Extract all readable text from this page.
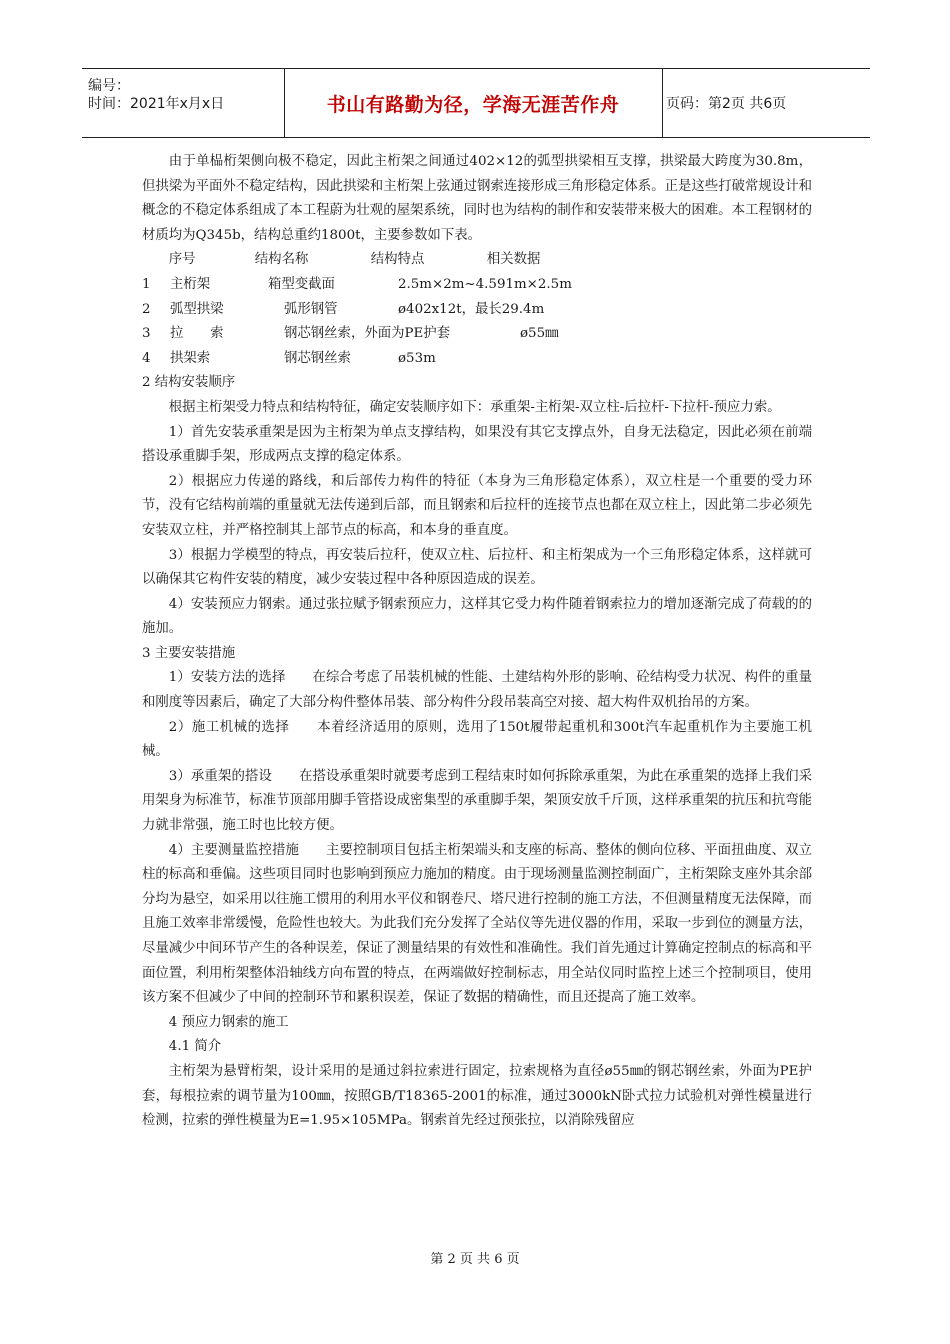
编号：
时间：2021年x月x日	书山有路勤为径，学海无涯苦作舟	页码：第2页 共6页

由于单榀桁架侧向极不稳定，因此主桁架之间通过402×12的弧型拱梁相互支撑，拱梁最大跨度为30.8m，但拱梁为平面外不稳定结构，因此拱梁和主桁架上弦通过钢索连接形成三角形稳定体系。正是这些打破常规设计和概念的不稳定体系组成了本工程蔚为壮观的屋架系统，同时也为结构的制作和安装带来极大的困难。本工程钢材的材质均为Q345b，结构总重约1800t，主要参数如下表。

序号	结构名称	结构特点	相关数据
1	主桁架	箱型变截面	2.5m×2m~4.591m×2.5m
2	弧型拱梁	弧形钢管	ø402x12t，最长29.4m
3	拉　　索	钢芯钢丝索，外面为PE护套	ø55㎜
4	拱架索	钢芯钢丝索	ø53m

2 结构安装顺序

根据主桁架受力特点和结构特征，确定安装顺序如下：承重架-主桁架-双立柱-后拉杆-下拉杆-预应力索。

1）首先安装承重架是因为主桁架为单点支撑结构，如果没有其它支撑点外，自身无法稳定，因此必须在前端搭设承重脚手架，形成两点支撑的稳定体系。

2）根据应力传递的路线，和后部传力构件的特征（本身为三角形稳定体系），双立柱是一个重要的受力环节，没有它结构前端的重量就无法传递到后部，而且钢索和后拉杆的连接节点也都在双立柱上，因此第二步必须先安装双立柱，并严格控制其上部节点的标高，和本身的垂直度。

3）根据力学模型的特点，再安装后拉秆，使双立柱、后拉杆、和主桁架成为一个三角形稳定体系，这样就可以确保其它构件安装的精度，减少安装过程中各种原因造成的误差。

4）安装预应力钢索。通过张拉赋予钢索预应力，这样其它受力构件随着钢索拉力的增加逐渐完成了荷载的的施加。

3 主要安装措施

1）安装方法的选择　　在综合考虑了吊装机械的性能、土建结构外形的影响、砼结构受力状况、构件的重量和刚度等因素后，确定了大部分构件整体吊装、部分构件分段吊装高空对接、超大构件双机抬吊的方案。

2）施工机械的选择　　本着经济适用的原则，选用了150t履带起重机和300t汽车起重机作为主要施工机械。

3）承重架的搭设　　在搭设承重架时就要考虑到工程结束时如何拆除承重架，为此在承重架的选择上我们采用架身为标准节，标准节顶部用脚手管搭设成密集型的承重脚手架，架顶安放千斤顶，这样承重架的抗压和抗弯能力就非常强，施工时也比较方便。

4）主要测量监控措施　　主要控制项目包括主桁架端头和支座的标高、整体的侧向位移、平面扭曲度、双立柱的标高和垂偏。这些项目同时也影响到预应力施加的精度。由于现场测量监测控制面广，主桁架除支座外其余部分均为悬空，如采用以往施工惯用的利用水平仪和钢卷尺、塔尺进行控制的施工方法，不但测量精度无法保障，而且施工效率非常缓慢，危险性也较大。为此我们充分发挥了全站仪等先进仪器的作用，采取一步到位的测量方法，尽量减少中间环节产生的各种误差，保证了测量结果的有效性和准确性。我们首先通过计算确定控制点的标高和平面位置，利用桁架整体沿轴线方向布置的特点，在两端做好控制标志，用全站仪同时监控上述三个控制项目，使用该方案不但减少了中间的控制环节和累积误差，保证了数据的精确性，而且还提高了施工效率。

4 预应力钢索的施工

4.1 简介

主桁架为悬臂桁架，设计采用的是通过斜拉索进行固定，拉索规格为直径ø55㎜的钢芯钢丝索，外面为PE护套，每根拉索的调节量为100㎜，按照GB/T18365-2001的标准，通过3000kN卧式拉力试验机对弹性模量进行检测，拉索的弹性模量为E=1.95×105MPa。钢索首先经过预张拉，以消除残留应

第 2 页 共 6 页
